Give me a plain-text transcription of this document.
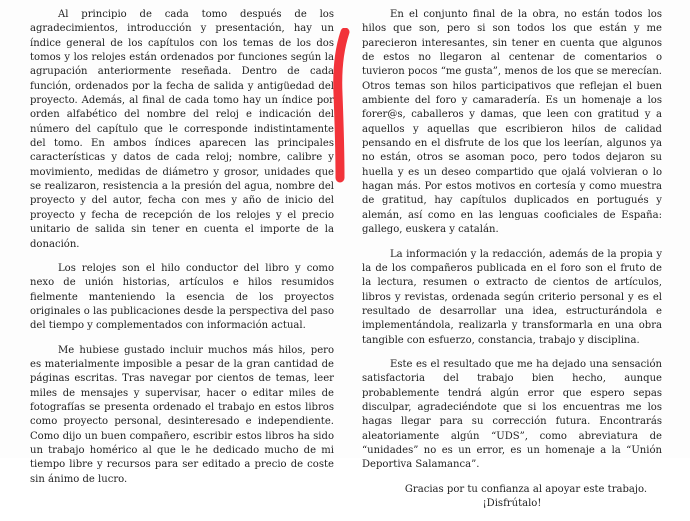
Al principio de cada tomo después de los agradecimientos, introducción y presentación, hay un índice general de los capítulos con los temas de los dos tomos y los relojes están ordenados por funciones según la agrupación anteriormente reseñada. Dentro de cada función, ordenados por la fecha de salida y antigüedad del proyecto. Además, al final de cada tomo hay un índice por orden alfabético del nombre del reloj e indicación del número del capítulo que le corresponde indistintamente del tomo. En ambos índices aparecen las principales características y datos de cada reloj; nombre, calibre y movimiento, medidas de diámetro y grosor, unidades que se realizaron, resistencia a la presión del agua, nombre del proyecto y del autor, fecha con mes y año de inicio del proyecto y fecha de recepción de los relojes y el precio unitario de salida sin tener en cuenta el importe de la donación.

Los relojes son el hilo conductor del libro y como nexo de unión historias, artículos e hilos resumidos fielmente manteniendo la esencia de los proyectos originales o las publicaciones desde la perspectiva del paso del tiempo y complementados con información actual.

Me hubiese gustado incluir muchos más hilos, pero es materialmente imposible a pesar de la gran cantidad de páginas escritas. Tras navegar por cientos de temas, leer miles de mensajes y supervisar, hacer o editar miles de fotografías se presenta ordenado el trabajo en estos libros como proyecto personal, desinteresado e independiente. Como dijo un buen compañero, escribir estos libros ha sido un trabajo homérico al que le he dedicado mucho de mi tiempo libre y recursos para ser editado a precio de coste sin ánimo de lucro.

En el conjunto final de la obra, no están todos los hilos que son, pero si son todos los que están y me parecieron interesantes, sin tener en cuenta que algunos de estos no llegaron al centenar de comentarios o tuvieron pocos “me gusta”, menos de los que se merecían. Otros temas son hilos participativos que reflejan el buen ambiente del foro y camaradería. Es un homenaje a los forer@s, caballeros y damas, que leen con gratitud y a aquellos y aquellas que escribieron hilos de calidad pensando en el disfrute de los que los leerían, algunos ya no están, otros se asoman poco, pero todos dejaron su huella y es un deseo compartido que ojalá volvieran o lo hagan más. Por estos motivos en cortesía y como muestra de gratitud, hay capítulos duplicados en portugués y alemán, así como en las lenguas cooficiales de España: gallego, euskera y catalán.

La información y la redacción, además de la propia y la de los compañeros publicada en el foro son el fruto de la lectura, resumen o extracto de cientos de artículos, libros y revistas, ordenada según criterio personal y es el resultado de desarrollar una idea, estructurándola e implementándola, realizarla y transformarla en una obra tangible con esfuerzo, constancia, trabajo y disciplina.

Este es el resultado que me ha dejado una sensación satisfactoria del trabajo bien hecho, aunque probablemente tendrá algún error que espero sepas disculpar, agradeciéndote que si los encuentras me los hagas llegar para su corrección futura. Encontrarás aleatoriamente algún “UDS”, como abreviatura de “unidades” no es un error, es un homenaje a la “Unión Deportiva Salamanca”.

Gracias por tu confianza al apoyar este trabajo. ¡Disfrútalo!
